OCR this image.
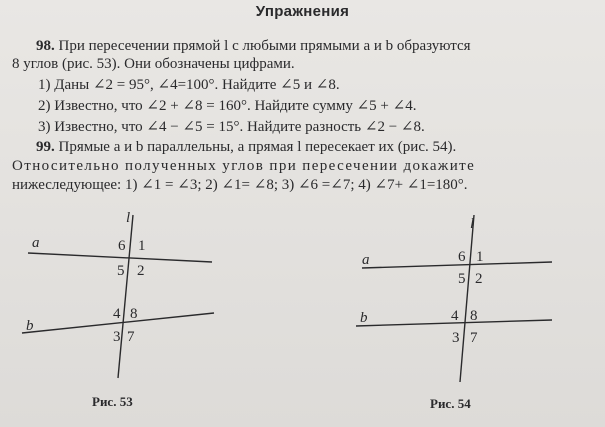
Упражнения
98. При пересечении прямой l с любыми прямыми a и b образуются
8 углов (рис. 53). Они обозначены цифрами.
1) Даны ∠2 = 95°, ∠4=100°. Найдите ∠5 и ∠8.
2) Известно, что ∠2 + ∠8 = 160°. Найдите сумму ∠5 + ∠4.
3) Известно, что ∠4 − ∠5 = 15°. Найдите разность ∠2 − ∠8.
99. Прямые a и b параллельны, а прямая l пересекает их (рис. 54).
Относительно полученных углов при пересечении докажите
нижеследующее: 1) ∠1 = ∠3; 2) ∠1= ∠8; 3) ∠6 =∠7; 4) ∠7+ ∠1=180°.
l
a
b
6 1
5 2
4 8
3 7
Рис. 53
l
a
b
6 1
5 2
4 8
3 7
Рис. 54
